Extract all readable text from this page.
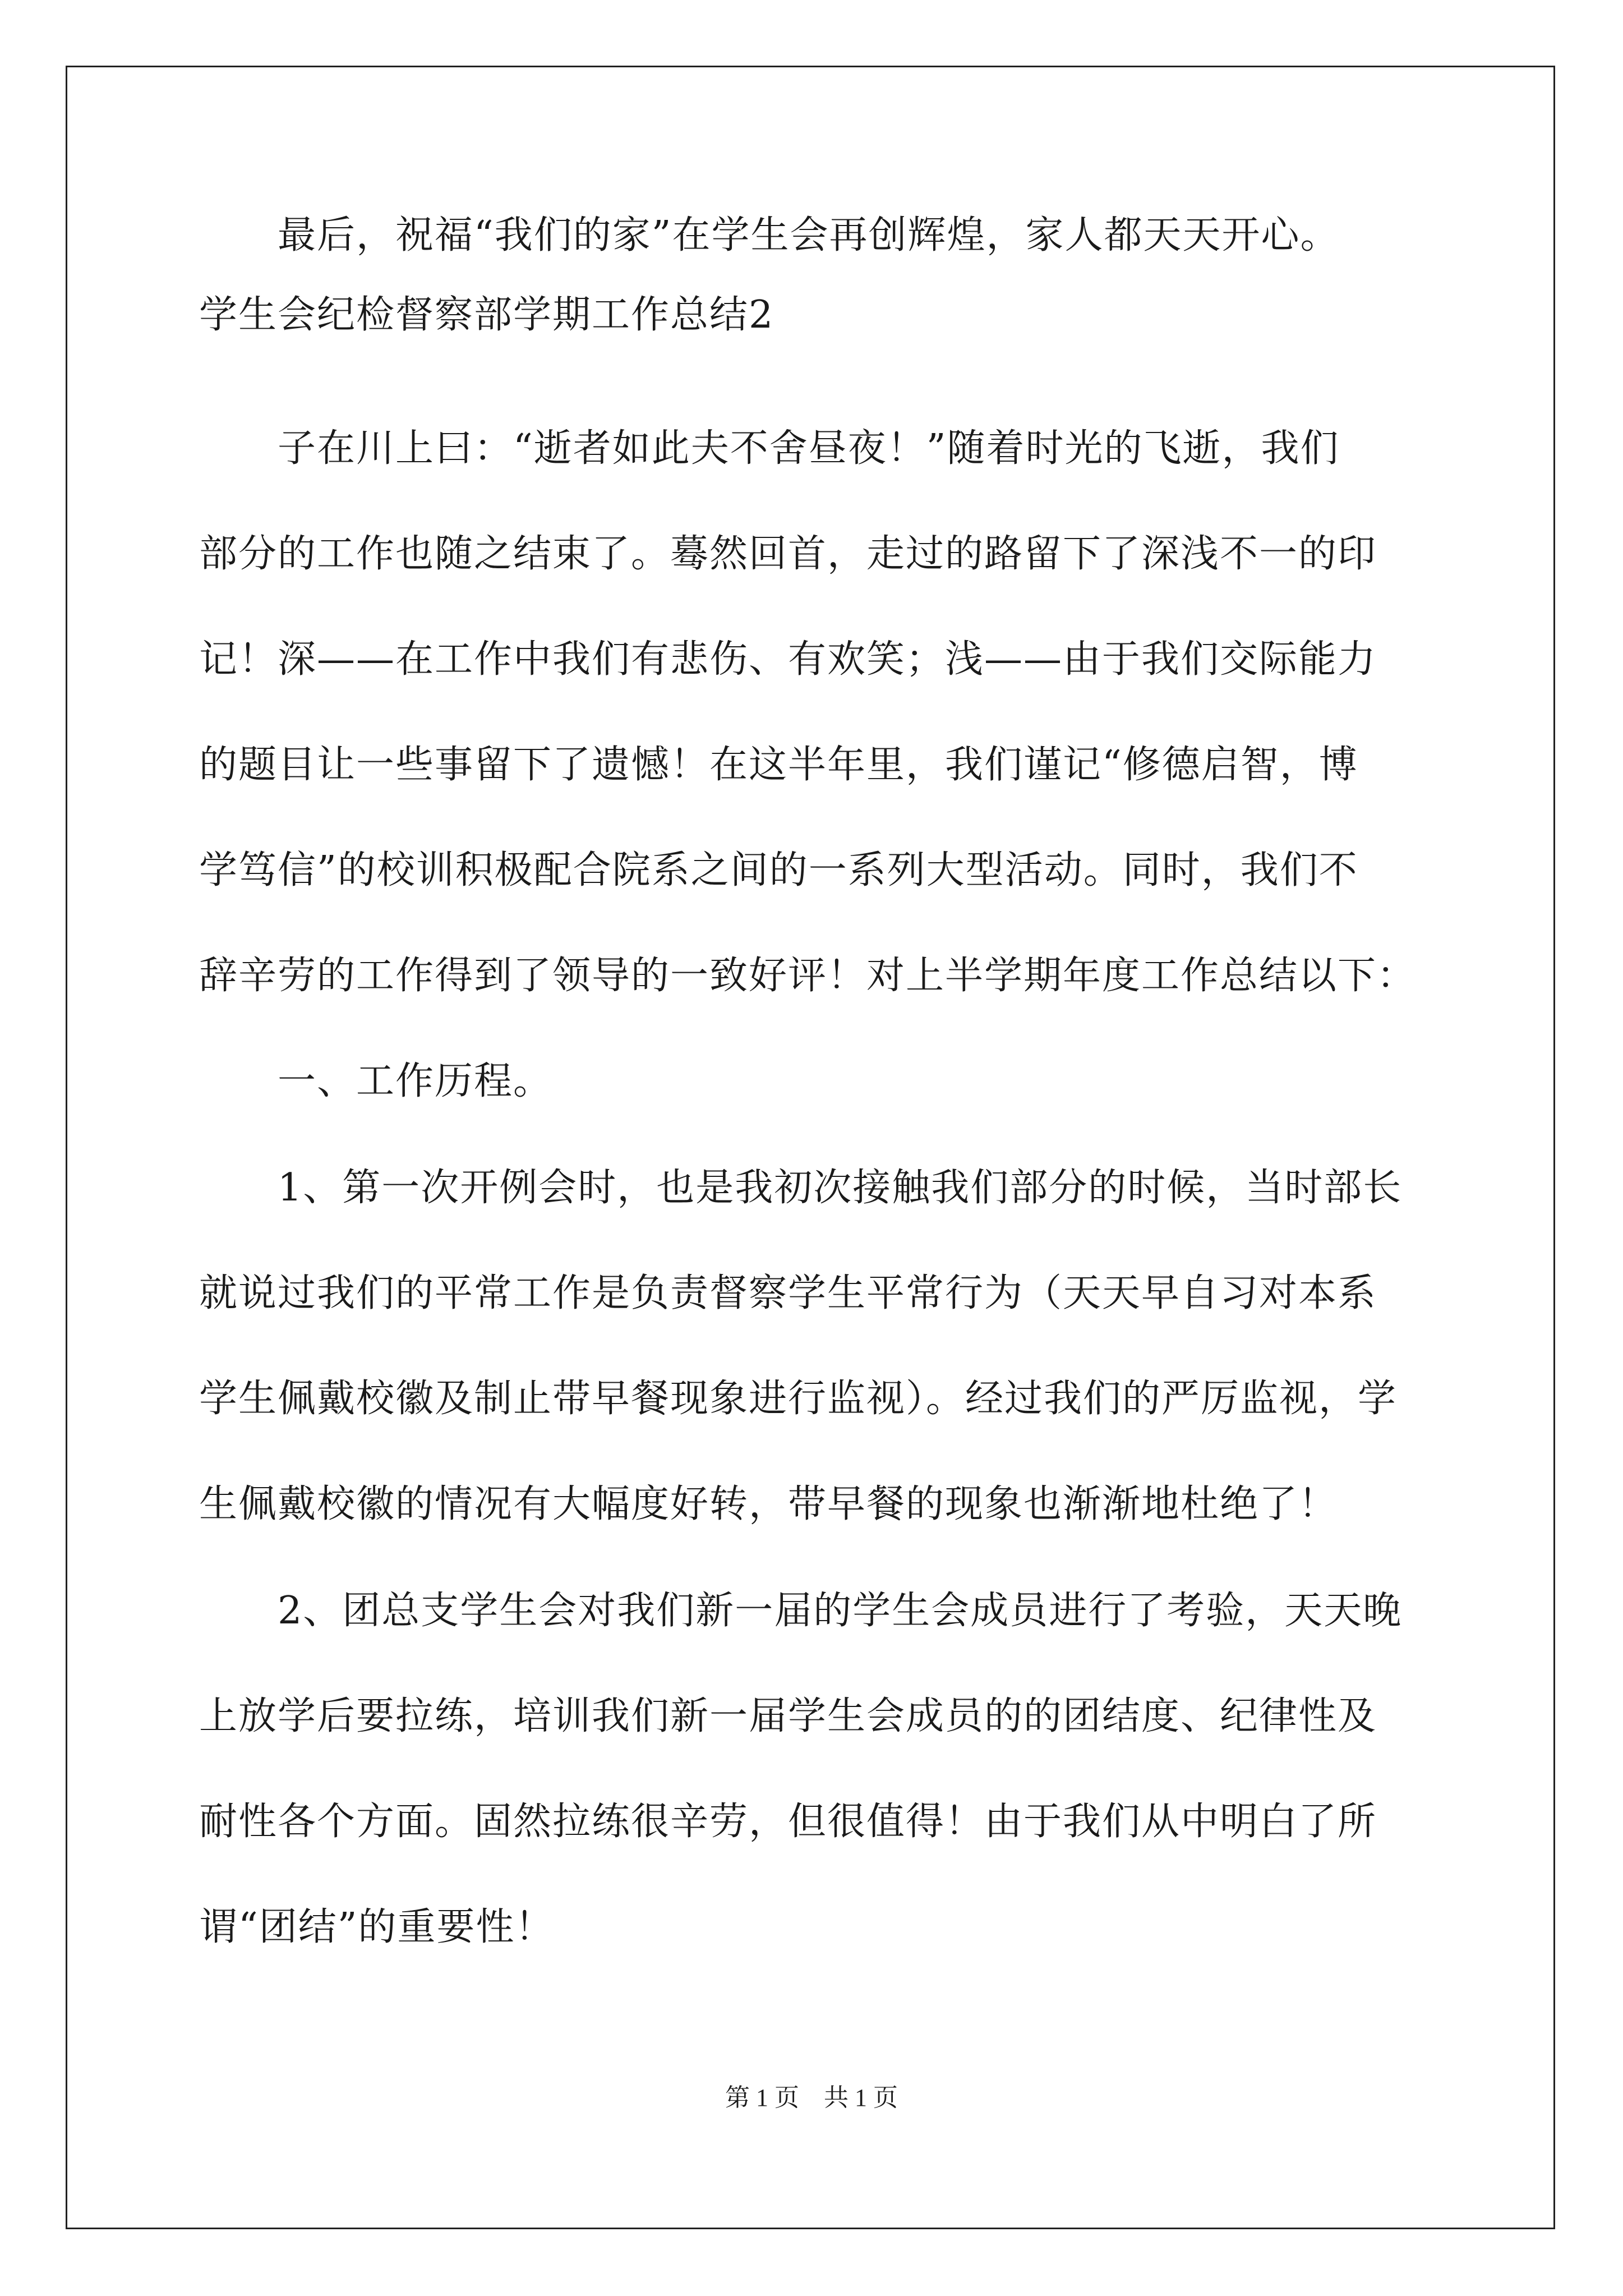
　　最后，祝福“我们的家”在学生会再创辉煌，家人都天天开心。
学生会纪检督察部学期工作总结2
　　子在川上曰：“逝者如此夫不舍昼夜！”随着时光的飞逝，我们
部分的工作也随之结束了。蓦然回首，走过的路留下了深浅不一的印
记！深——在工作中我们有悲伤、有欢笑；浅——由于我们交际能力
的题目让一些事留下了遗憾！在这半年里，我们谨记“修德启智，博
学笃信”的校训积极配合院系之间的一系列大型活动。同时，我们不
辞辛劳的工作得到了领导的一致好评！对上半学期年度工作总结以下：
　　一、工作历程。
　　1、第一次开例会时，也是我初次接触我们部分的时候，当时部长
就说过我们的平常工作是负责督察学生平常行为（天天早自习对本系
学生佩戴校徽及制止带早餐现象进行监视）。经过我们的严厉监视，学
生佩戴校徽的情况有大幅度好转，带早餐的现象也渐渐地杜绝了！
　　2、团总支学生会对我们新一届的学生会成员进行了考验，天天晚
上放学后要拉练，培训我们新一届学生会成员的的团结度、纪律性及
耐性各个方面。固然拉练很辛劳，但很值得！由于我们从中明白了所
谓“团结”的重要性！
第 1 页　共 1 页
